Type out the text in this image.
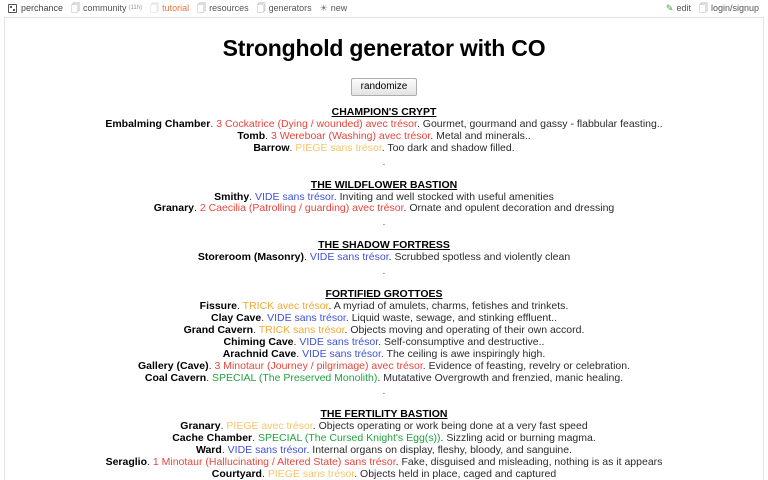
perchance 🗍 community (11h) 🗍 tutorial 🗍 resources 🗍 generators ☀ new	✎ edit 🗍 login/signup
Stronghold generator with CO
randomize
CHAMPION'S CRYPT
Embalming Chamber. 3 Cockatrice (Dying / wounded) avec trésor. Gourmet, gourmand and gassy - flabbular feasting..
Tomb. 3 Wereboar (Washing) avec trésor. Metal and minerals..
Barrow. PIEGE sans trésor. Too dark and shadow filled.
.
THE WILDFLOWER BASTION
Smithy. VIDE sans trésor. Inviting and well stocked with useful amenities
Granary. 2 Caecilia (Patrolling / guarding) avec trésor. Ornate and opulent decoration and dressing
.
THE SHADOW FORTRESS
Storeroom (Masonry). VIDE sans trésor. Scrubbed spotless and violently clean
.
FORTIFIED GROTTOES
Fissure. TRICK avec trésor. A myriad of amulets, charms, fetishes and trinkets.
Clay Cave. VIDE sans trésor. Liquid waste, sewage, and stinking effluent..
Grand Cavern. TRICK sans trésor. Objects moving and operating of their own accord.
Chiming Cave. VIDE sans trésor. Self-consumptive and destructive..
Arachnid Cave. VIDE sans trésor. The ceiling is awe inspiringly high.
Gallery (Cave). 3 Minotaur (Journey / pilgrimage) avec trésor. Evidence of feasting, revelry or celebration.
Coal Cavern. SPECIAL (The Preserved Monolith). Mutatative Overgrowth and frenzied, manic healing.
.
THE FERTILITY BASTION
Granary. PIEGE avec trésor. Objects operating or work being done at a very fast speed
Cache Chamber. SPECIAL (The Cursed Knight's Egg(s)). Sizzling acid or burning magma.
Ward. VIDE sans trésor. Internal organs on display, fleshy, bloody, and sanguine.
Seraglio. 1 Minotaur (Hallucinating / Altered State) sans trésor. Fake, disguised and misleading, nothing is as it appears
Courtyard. PIEGE sans trésor. Objects held in place, caged and captured
